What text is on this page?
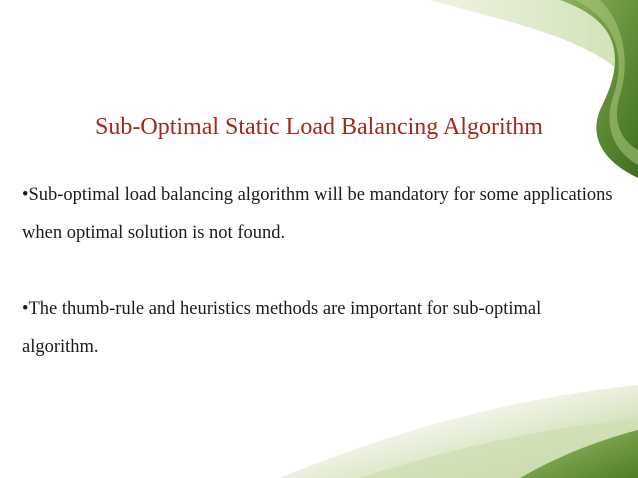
Sub-Optimal Static Load Balancing Algorithm

•Sub-optimal load balancing algorithm will be mandatory for some applications when optimal solution is not found.

•The thumb-rule and heuristics methods are important for sub-optimal algorithm.
